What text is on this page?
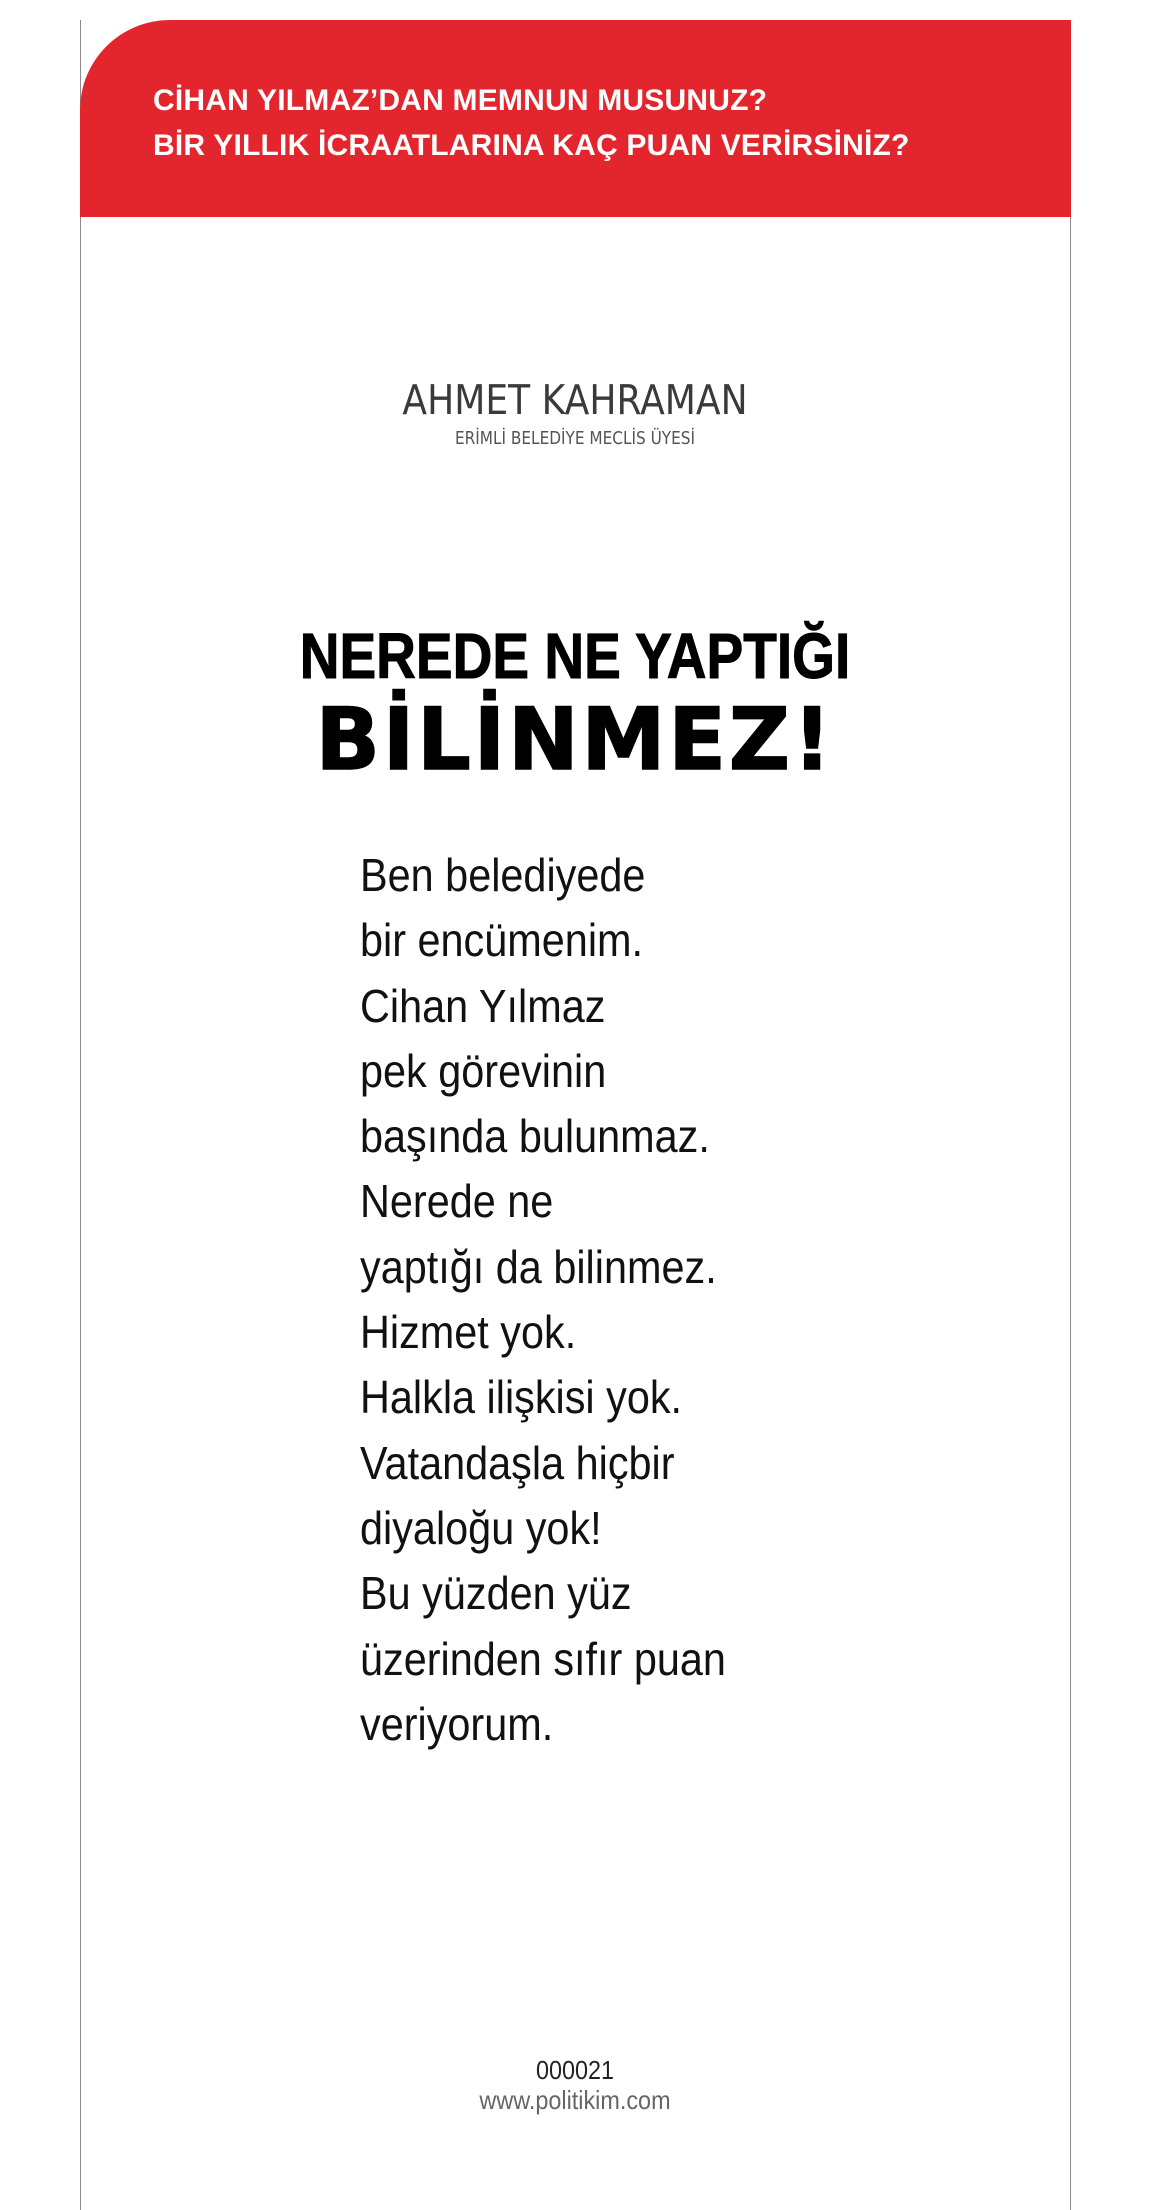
CİHAN YILMAZ’DAN MEMNUN MUSUNUZ?
BİR YILLIK İCRAATLARINA KAÇ PUAN VERİRSİNİZ?
AHMET KAHRAMAN
ERİMLİ BELEDİYE MECLİS ÜYESİ
NEREDE NE YAPTIĞI
BİLİNMEZ!
Ben belediyede
bir encümenim.
Cihan Yılmaz
pek görevinin
başında bulunmaz.
Nerede ne
yaptığı da bilinmez.
Hizmet yok.
Halkla ilişkisi yok.
Vatandaşla hiçbir
diyaloğu yok!
Bu yüzden yüz
üzerinden sıfır puan
veriyorum.
000021
www.politikim.com
